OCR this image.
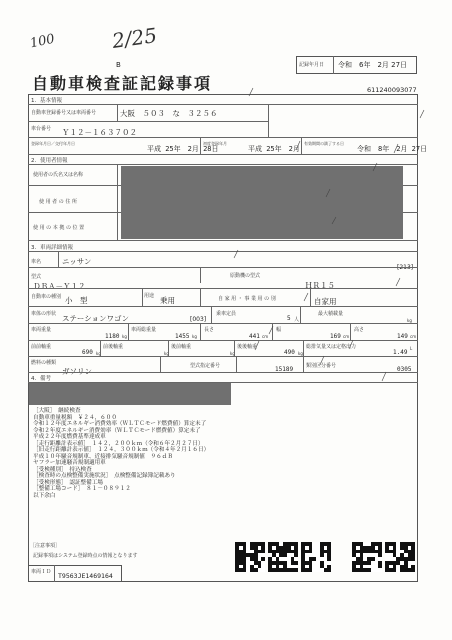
100	2/25
B
自動車検査証記録事項
記録年月日 令和　6年　2月 27日
611240093077
1．基本情報
自動車登録番号又は車両番号	大阪　５０３　な　３２５６
車台番号 Ｙ１２－１６３７０２
登録年月日／交付年月日
平成 25年　2月 28日
初度登録年月
平成 25年　2月
有効期間の満了する日
令和　8年　2月 27日
2．使用者情報
使用者の氏名又は名称
使 用 者 の 住 所
使 用 の 本 拠 の 位 置
3．車両詳細情報
車名	ニッサン
[213]
型式
ＤＢＡ－Ｙ１２
原動機の型式
ＨＲ１５
自動車の種別 小　型	用途 乗用	自 家 用 ・ 事 業 用 の 別	自家用
車体の形状 ステーションワゴン	[003]
乗車定員
5 人
最大積載量
kg
車両重量
1180 kg
車両総重量
1455 kg
長さ
441 cm
幅
169 cm
高さ
149 cm
前前軸重
690 kg
前後軸重
kg
後前軸重
kg
後後軸重
490 kg
総排気量又は定格出力
1.49
L
燃料の種類
ガソリン
型式指定番号	15189	類別区分番号	0305
4．備考
［大阪］　継続検査
自動車重量税額　￥２４，６００
令和１２年度エネルギー消費効率（ＷＬＴＣモード燃費値）算定未了
令和２年度エネルギー消費効率（ＷＬＴＣモード燃費値）算定未了
平成２２年度燃費基準達成車
［走行距離計表示値］　１４２，２００ｋｍ（令和６年２月２７日）
［旧走行距離計表示値］　１２４，３００ｋｍ（令和４年２月１６日）
平成１０年騒音規制車、近接排気騒音規制値　９６ｄＢ
ヤフラー加速騒音規制適用車
［受検種別］　持込検査
［検査時の点検整備実施状況］　点検整備記録簿記載あり
［受検形態］　認証整備工場
［整備工場コード］　８１－０８９１２
以下余白
［注意事項］
記録事項はシステム登録時点の情報となります
車両ＩＤ T9563JE1469164
